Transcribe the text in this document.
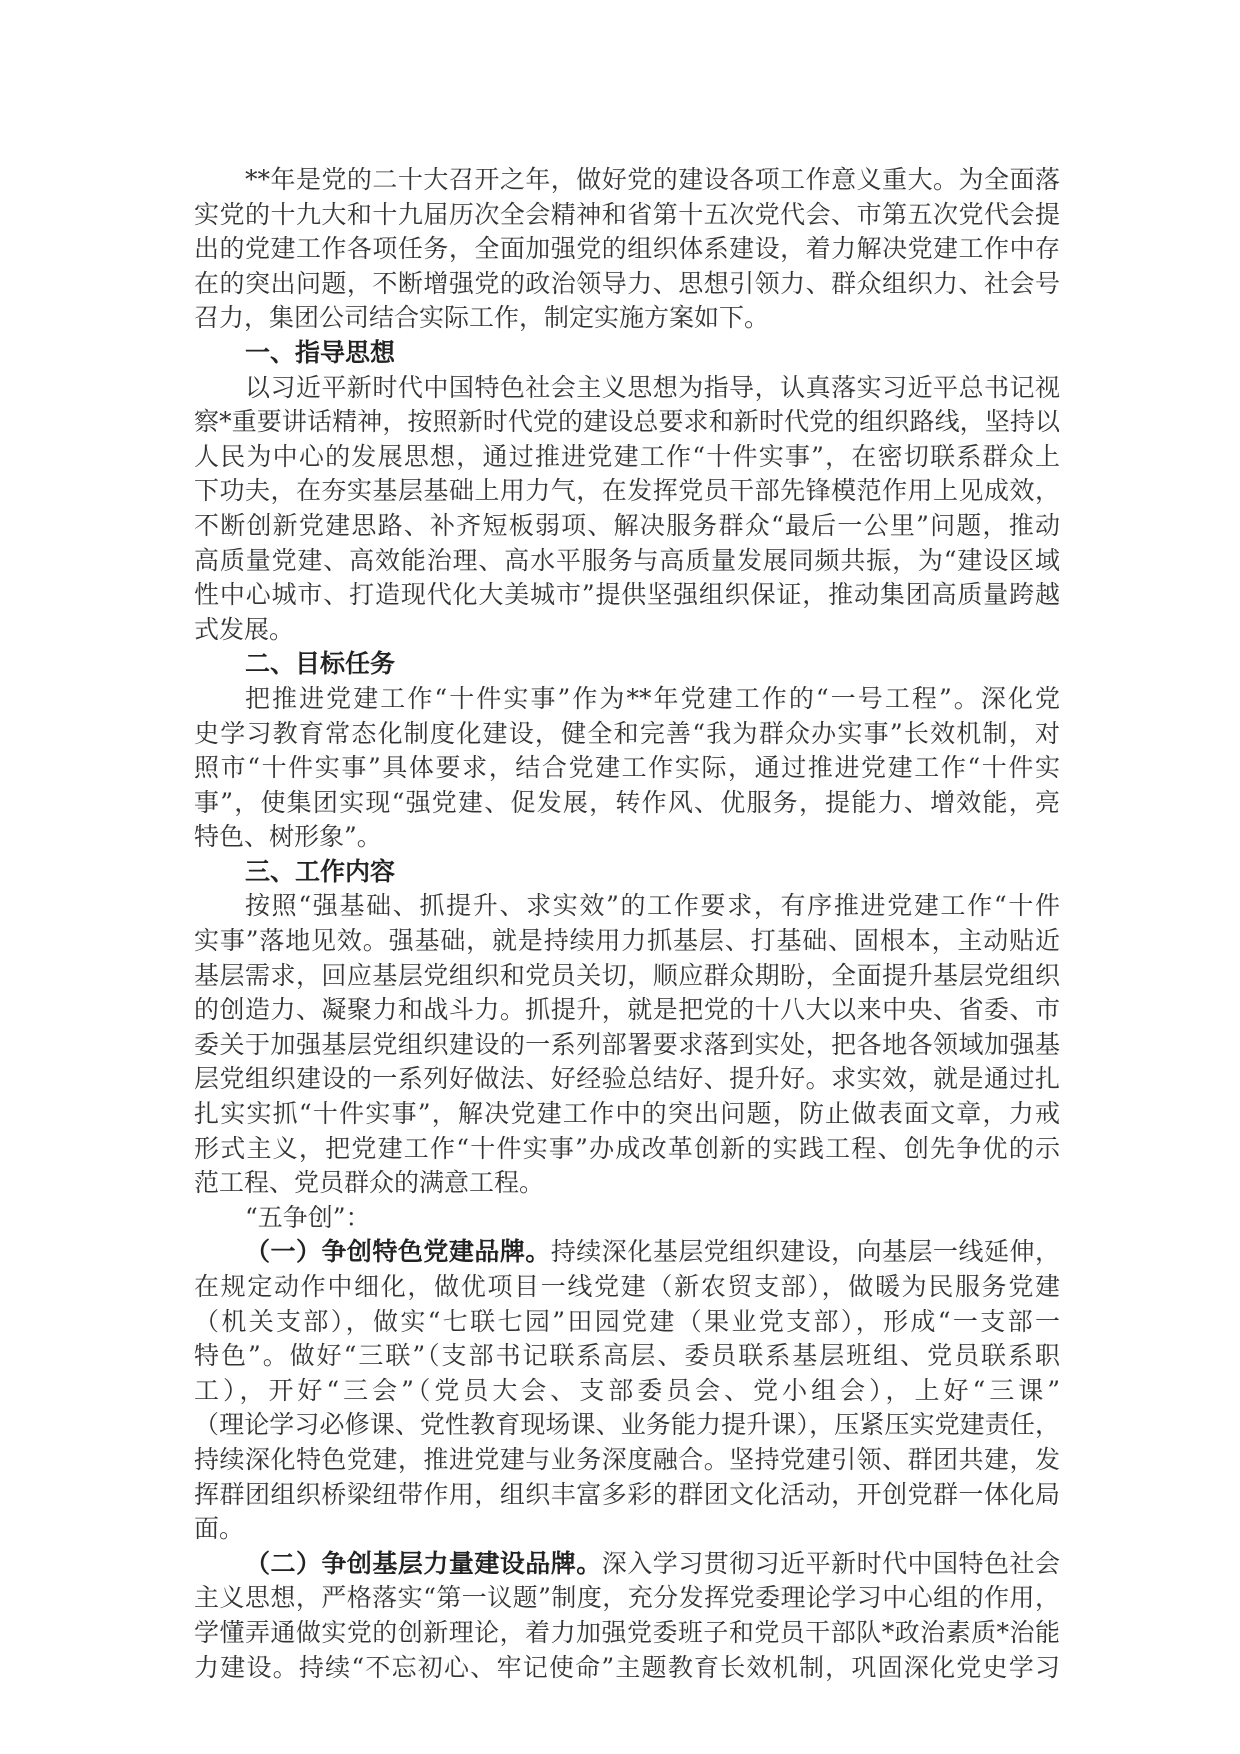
**年是党的二十大召开之年，做好党的建设各项工作意义重大。为全面落
实党的十九大和十九届历次全会精神和省第十五次党代会、市第五次党代会提
出的党建工作各项任务，全面加强党的组织体系建设，着力解决党建工作中存
在的突出问题，不断增强党的政治领导力、思想引领力、群众组织力、社会号
召力，集团公司结合实际工作，制定实施方案如下。
一、指导思想
以习近平新时代中国特色社会主义思想为指导，认真落实习近平总书记视
察*重要讲话精神，按照新时代党的建设总要求和新时代党的组织路线，坚持以
人民为中心的发展思想，通过推进党建工作“十件实事”，在密切联系群众上
下功夫，在夯实基层基础上用力气，在发挥党员干部先锋模范作用上见成效，
不断创新党建思路、补齐短板弱项、解决服务群众“最后一公里”问题，推动
高质量党建、高效能治理、高水平服务与高质量发展同频共振，为“建设区域
性中心城市、打造现代化大美城市”提供坚强组织保证，推动集团高质量跨越
式发展。
二、目标任务
把推进党建工作“十件实事”作为**年党建工作的“一号工程”。深化党
史学习教育常态化制度化建设，健全和完善“我为群众办实事”长效机制，对
照市“十件实事”具体要求，结合党建工作实际，通过推进党建工作“十件实
事”，使集团实现“强党建、促发展，转作风、优服务，提能力、增效能，亮
特色、树形象”。
三、工作内容
按照“强基础、抓提升、求实效”的工作要求，有序推进党建工作“十件
实事”落地见效。强基础，就是持续用力抓基层、打基础、固根本，主动贴近
基层需求，回应基层党组织和党员关切，顺应群众期盼，全面提升基层党组织
的创造力、凝聚力和战斗力。抓提升，就是把党的十八大以来中央、省委、市
委关于加强基层党组织建设的一系列部署要求落到实处，把各地各领域加强基
层党组织建设的一系列好做法、好经验总结好、提升好。求实效，就是通过扎
扎实实抓“十件实事”，解决党建工作中的突出问题，防止做表面文章，力戒
形式主义，把党建工作“十件实事”办成改革创新的实践工程、创先争优的示
范工程、党员群众的满意工程。
“五争创”：
（一）争创特色党建品牌。持续深化基层党组织建设，向基层一线延伸，
在规定动作中细化，做优项目一线党建（新农贸支部），做暖为民服务党建
（机关支部），做实“七联七园”田园党建（果业党支部），形成“一支部一
特色”。做好“三联”（支部书记联系高层、委员联系基层班组、党员联系职
工），开好“三会”（党员大会、支部委员会、党小组会），上好“三课”
（理论学习必修课、党性教育现场课、业务能力提升课），压紧压实党建责任，
持续深化特色党建，推进党建与业务深度融合。坚持党建引领、群团共建，发
挥群团组织桥梁纽带作用，组织丰富多彩的群团文化活动，开创党群一体化局
面。
（二）争创基层力量建设品牌。深入学习贯彻习近平新时代中国特色社会
主义思想，严格落实“第一议题”制度，充分发挥党委理论学习中心组的作用，
学懂弄通做实党的创新理论，着力加强党委班子和党员干部队*政治素质*治能
力建设。持续“不忘初心、牢记使命”主题教育长效机制，巩固深化党史学习
